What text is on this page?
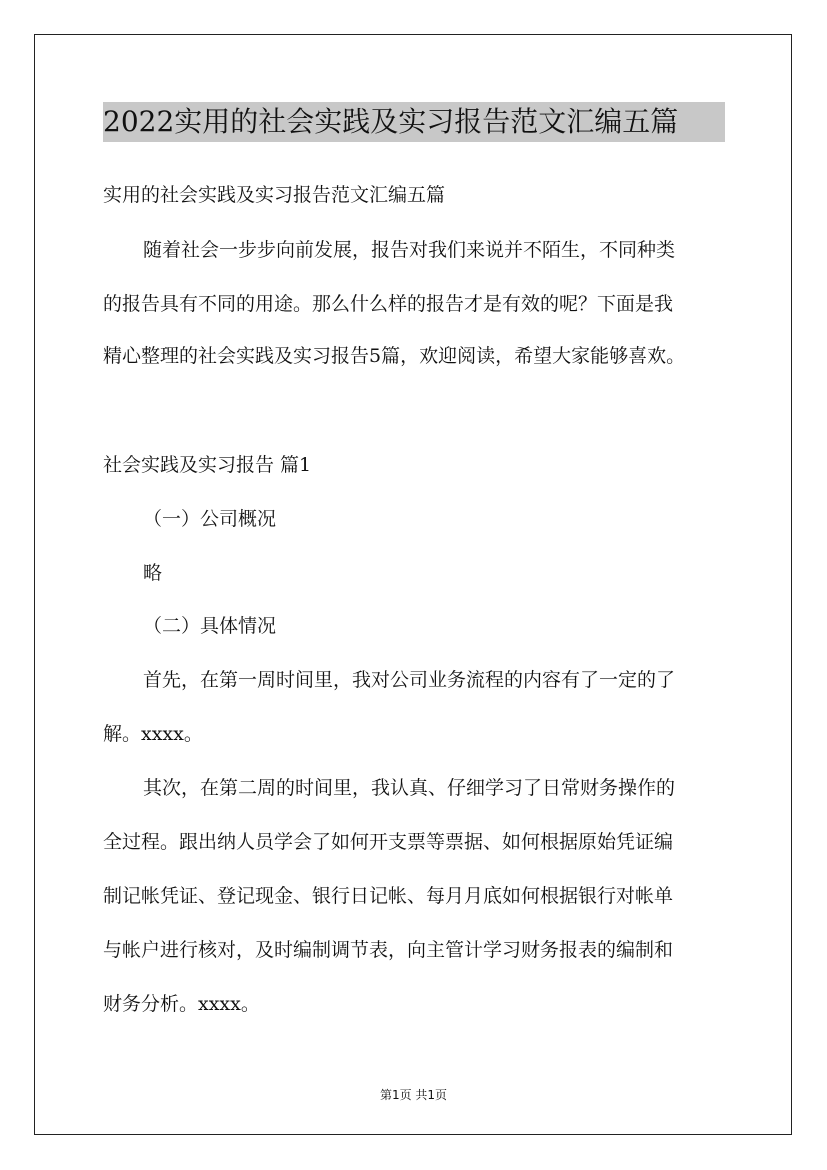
2022实用的社会实践及实习报告范文汇编五篇
实用的社会实践及实习报告范文汇编五篇
随着社会一步步向前发展，报告对我们来说并不陌生，不同种类
的报告具有不同的用途。那么什么样的报告才是有效的呢？下面是我
精心整理的社会实践及实习报告5篇，欢迎阅读，希望大家能够喜欢。
社会实践及实习报告 篇1
（一）公司概况
略
（二）具体情况
首先，在第一周时间里，我对公司业务流程的内容有了一定的了
解。xxxx。
其次，在第二周的时间里，我认真、仔细学习了日常财务操作的
全过程。跟出纳人员学会了如何开支票等票据、如何根据原始凭证编
制记帐凭证、登记现金、银行日记帐、每月月底如何根据银行对帐单
与帐户进行核对，及时编制调节表，向主管计学习财务报表的编制和
财务分析。xxxx。
第1页 共1页
